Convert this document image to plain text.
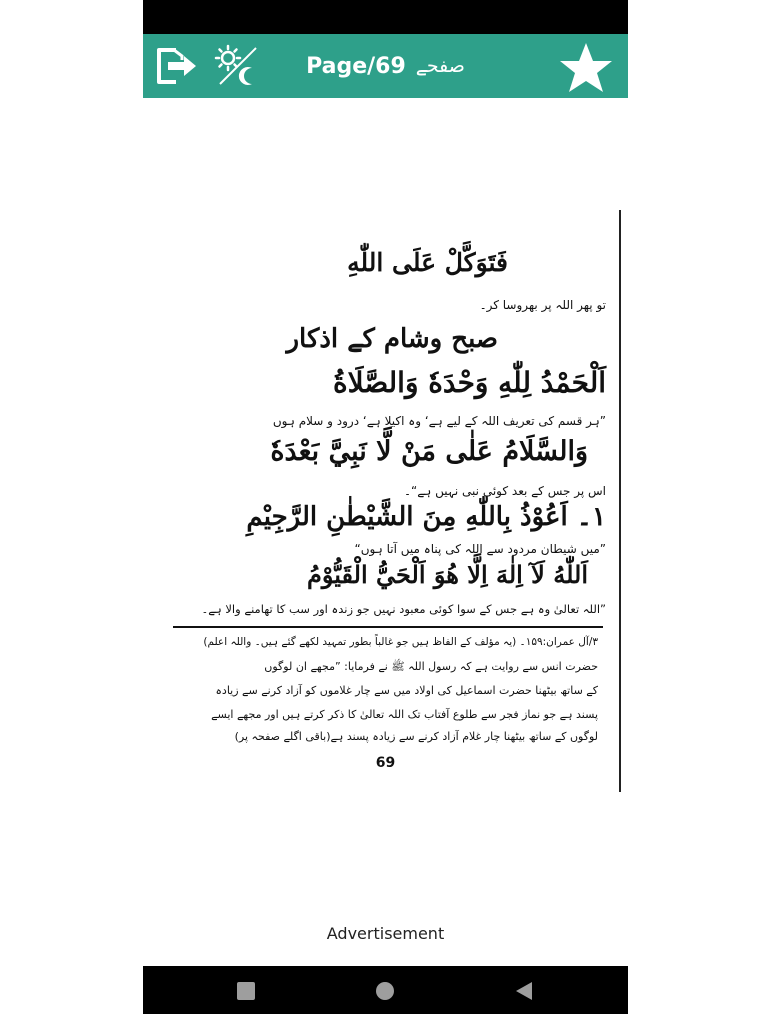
Page/69 صفحے
فَتَوَكَّلْ عَلَى اللّٰهِ
تو پھر اللہ پر بھروسا کر۔
صبح وشام کے اذکار
اَلْحَمْدُ لِلّٰهِ وَحْدَهٗ وَالصَّلَاةُ
”ہر قسم کی تعریف اللہ کے لیے ہے‘ وہ اکیلا ہے‘ درود و سلام ہوں
وَالسَّلَامُ عَلٰى مَنْ لَّا نَبِيَّ بَعْدَهٗ
اس پر جس کے بعد کوئی نبی نہیں ہے“۔
۱۔ اَعُوْذُ بِاللّٰهِ مِنَ الشَّيْطٰنِ الرَّجِيْمِ
”میں شیطان مردود سے اللہ کی پناہ میں آتا ہوں“
اَللّٰهُ لَآ اِلٰهَ اِلَّا هُوَ اَلْحَيُّ الْقَيُّوْمُ
”اللہ تعالیٰ وہ ہے جس کے سوا کوئی معبود نہیں جو زندہ اور سب کا تھامنے والا ہے۔
۳/آل عمران:۱۵۹۔ (یہ مؤلف کے الفاظ ہیں جو غالباً بطور تمہید لکھے گئے ہیں۔ واللہ اعلم)
حضرت انس سے روایت ہے کہ رسول اللہ ﷺ نے فرمایا: ”مجھے ان لوگوں
کے ساتھ بیٹھنا حضرت اسماعیل کی اولاد میں سے چار غلاموں کو آزاد کرنے سے زیادہ
پسند ہے جو نماز فجر سے طلوع آفتاب تک اللہ تعالیٰ کا ذکر کرتے ہیں اور مجھے ایسے
لوگوں کے ساتھ بیٹھنا چار غلام آزاد کرنے سے زیادہ پسند ہے(باقی اگلے صفحہ پر)
69
Advertisement
